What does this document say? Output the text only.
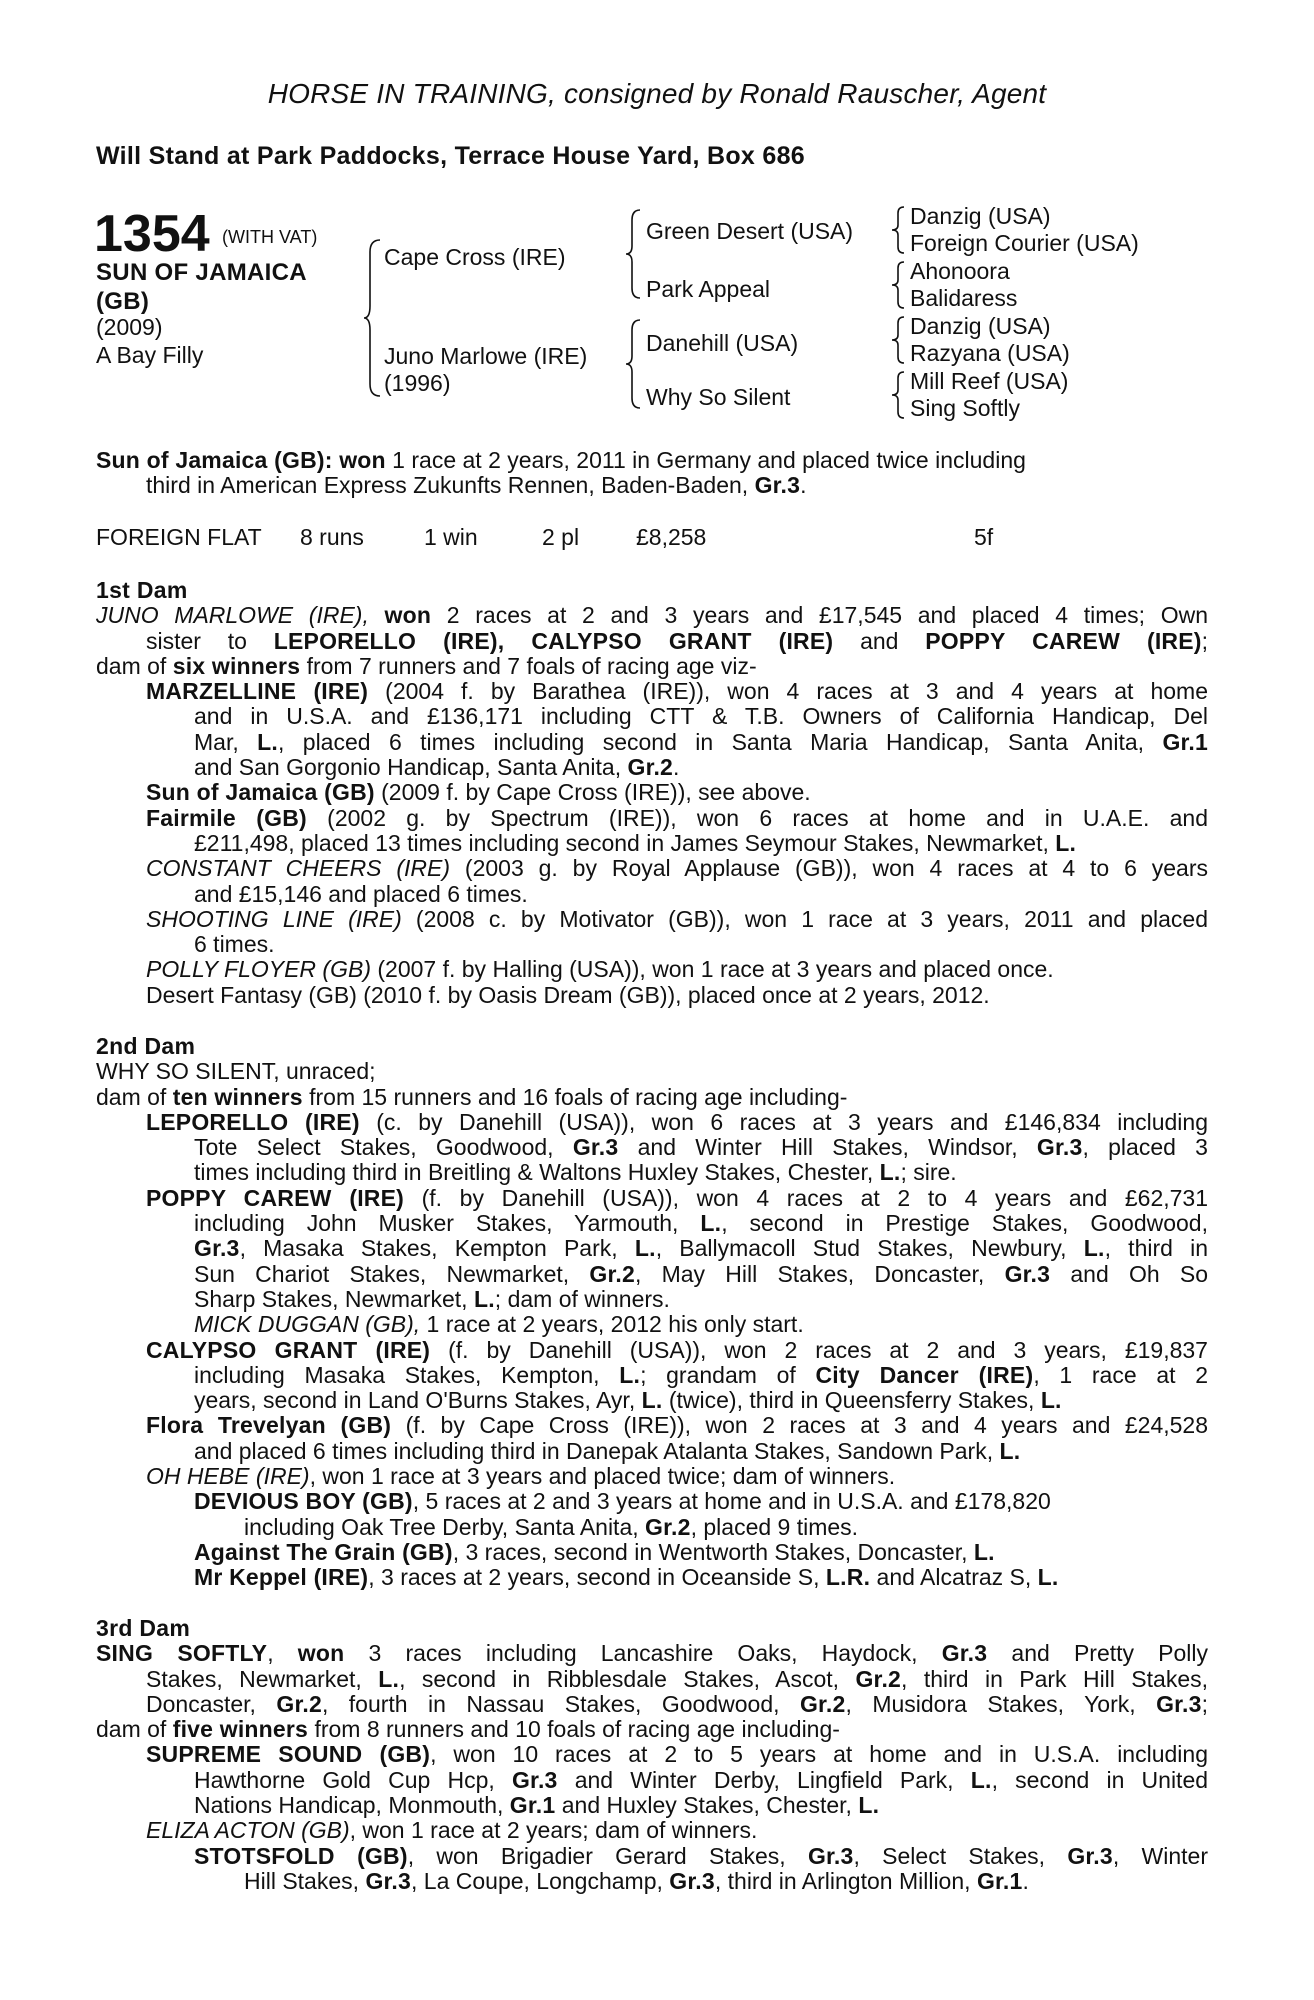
HORSE IN TRAINING, consigned by Ronald Rauscher, Agent
Will Stand at Park Paddocks, Terrace House Yard, Box 686
1354 (WITH VAT)
SUN OF JAMAICA
(GB)
(2009)
A Bay Filly
Cape Cross (IRE)
Juno Marlowe (IRE)
(1996)
Green Desert (USA)
Park Appeal
Danehill (USA)
Why So Silent
Danzig (USA)
Foreign Courier (USA)
Ahonoora
Balidaress
Danzig (USA)
Razyana (USA)
Mill Reef (USA)
Sing Softly
Sun of Jamaica (GB): won 1 race at 2 years, 2011 in Germany and placed twice including
third in American Express Zukunfts Rennen, Baden-Baden, Gr.3.
FOREIGN FLAT 8 runs	1 win	2 pl £8,258	5f
1st Dam
JUNO MARLOWE (IRE), won 2 races at 2 and 3 years and £17,545 and placed 4 times; Own
sister to LEPORELLO (IRE), CALYPSO GRANT (IRE) and POPPY CAREW (IRE);
dam of six winners from 7 runners and 7 foals of racing age viz-
MARZELLINE (IRE) (2004 f. by Barathea (IRE)), won 4 races at 3 and 4 years at home
and in U.S.A. and £136,171 including CTT & T.B. Owners of California Handicap, Del
Mar, L., placed 6 times including second in Santa Maria Handicap, Santa Anita, Gr.1
and San Gorgonio Handicap, Santa Anita, Gr.2.
Sun of Jamaica (GB) (2009 f. by Cape Cross (IRE)), see above.
Fairmile (GB) (2002 g. by Spectrum (IRE)), won 6 races at home and in U.A.E. and
£211,498, placed 13 times including second in James Seymour Stakes, Newmarket, L.
CONSTANT CHEERS (IRE) (2003 g. by Royal Applause (GB)), won 4 races at 4 to 6 years
and £15,146 and placed 6 times.
SHOOTING LINE (IRE) (2008 c. by Motivator (GB)), won 1 race at 3 years, 2011 and placed
6 times.
POLLY FLOYER (GB) (2007 f. by Halling (USA)), won 1 race at 3 years and placed once.
Desert Fantasy (GB) (2010 f. by Oasis Dream (GB)), placed once at 2 years, 2012.
2nd Dam
WHY SO SILENT, unraced;
dam of ten winners from 15 runners and 16 foals of racing age including-
LEPORELLO (IRE) (c. by Danehill (USA)), won 6 races at 3 years and £146,834 including
Tote Select Stakes, Goodwood, Gr.3 and Winter Hill Stakes, Windsor, Gr.3, placed 3
times including third in Breitling & Waltons Huxley Stakes, Chester, L.; sire.
POPPY CAREW (IRE) (f. by Danehill (USA)), won 4 races at 2 to 4 years and £62,731
including John Musker Stakes, Yarmouth, L., second in Prestige Stakes, Goodwood,
Gr.3, Masaka Stakes, Kempton Park, L., Ballymacoll Stud Stakes, Newbury, L., third in
Sun Chariot Stakes, Newmarket, Gr.2, May Hill Stakes, Doncaster, Gr.3 and Oh So
Sharp Stakes, Newmarket, L.; dam of winners.
MICK DUGGAN (GB), 1 race at 2 years, 2012 his only start.
CALYPSO GRANT (IRE) (f. by Danehill (USA)), won 2 races at 2 and 3 years, £19,837
including Masaka Stakes, Kempton, L.; grandam of City Dancer (IRE), 1 race at 2
years, second in Land O'Burns Stakes, Ayr, L. (twice), third in Queensferry Stakes, L.
Flora Trevelyan (GB) (f. by Cape Cross (IRE)), won 2 races at 3 and 4 years and £24,528
and placed 6 times including third in Danepak Atalanta Stakes, Sandown Park, L.
OH HEBE (IRE), won 1 race at 3 years and placed twice; dam of winners.
DEVIOUS BOY (GB), 5 races at 2 and 3 years at home and in U.S.A. and £178,820
including Oak Tree Derby, Santa Anita, Gr.2, placed 9 times.
Against The Grain (GB), 3 races, second in Wentworth Stakes, Doncaster, L.
Mr Keppel (IRE), 3 races at 2 years, second in Oceanside S, L.R. and Alcatraz S, L.
3rd Dam
SING SOFTLY, won 3 races including Lancashire Oaks, Haydock, Gr.3 and Pretty Polly
Stakes, Newmarket, L., second in Ribblesdale Stakes, Ascot, Gr.2, third in Park Hill Stakes,
Doncaster, Gr.2, fourth in Nassau Stakes, Goodwood, Gr.2, Musidora Stakes, York, Gr.3;
dam of five winners from 8 runners and 10 foals of racing age including-
SUPREME SOUND (GB), won 10 races at 2 to 5 years at home and in U.S.A. including
Hawthorne Gold Cup Hcp, Gr.3 and Winter Derby, Lingfield Park, L., second in United
Nations Handicap, Monmouth, Gr.1 and Huxley Stakes, Chester, L.
ELIZA ACTON (GB), won 1 race at 2 years; dam of winners.
STOTSFOLD (GB), won Brigadier Gerard Stakes, Gr.3, Select Stakes, Gr.3, Winter
Hill Stakes, Gr.3, La Coupe, Longchamp, Gr.3, third in Arlington Million, Gr.1.
